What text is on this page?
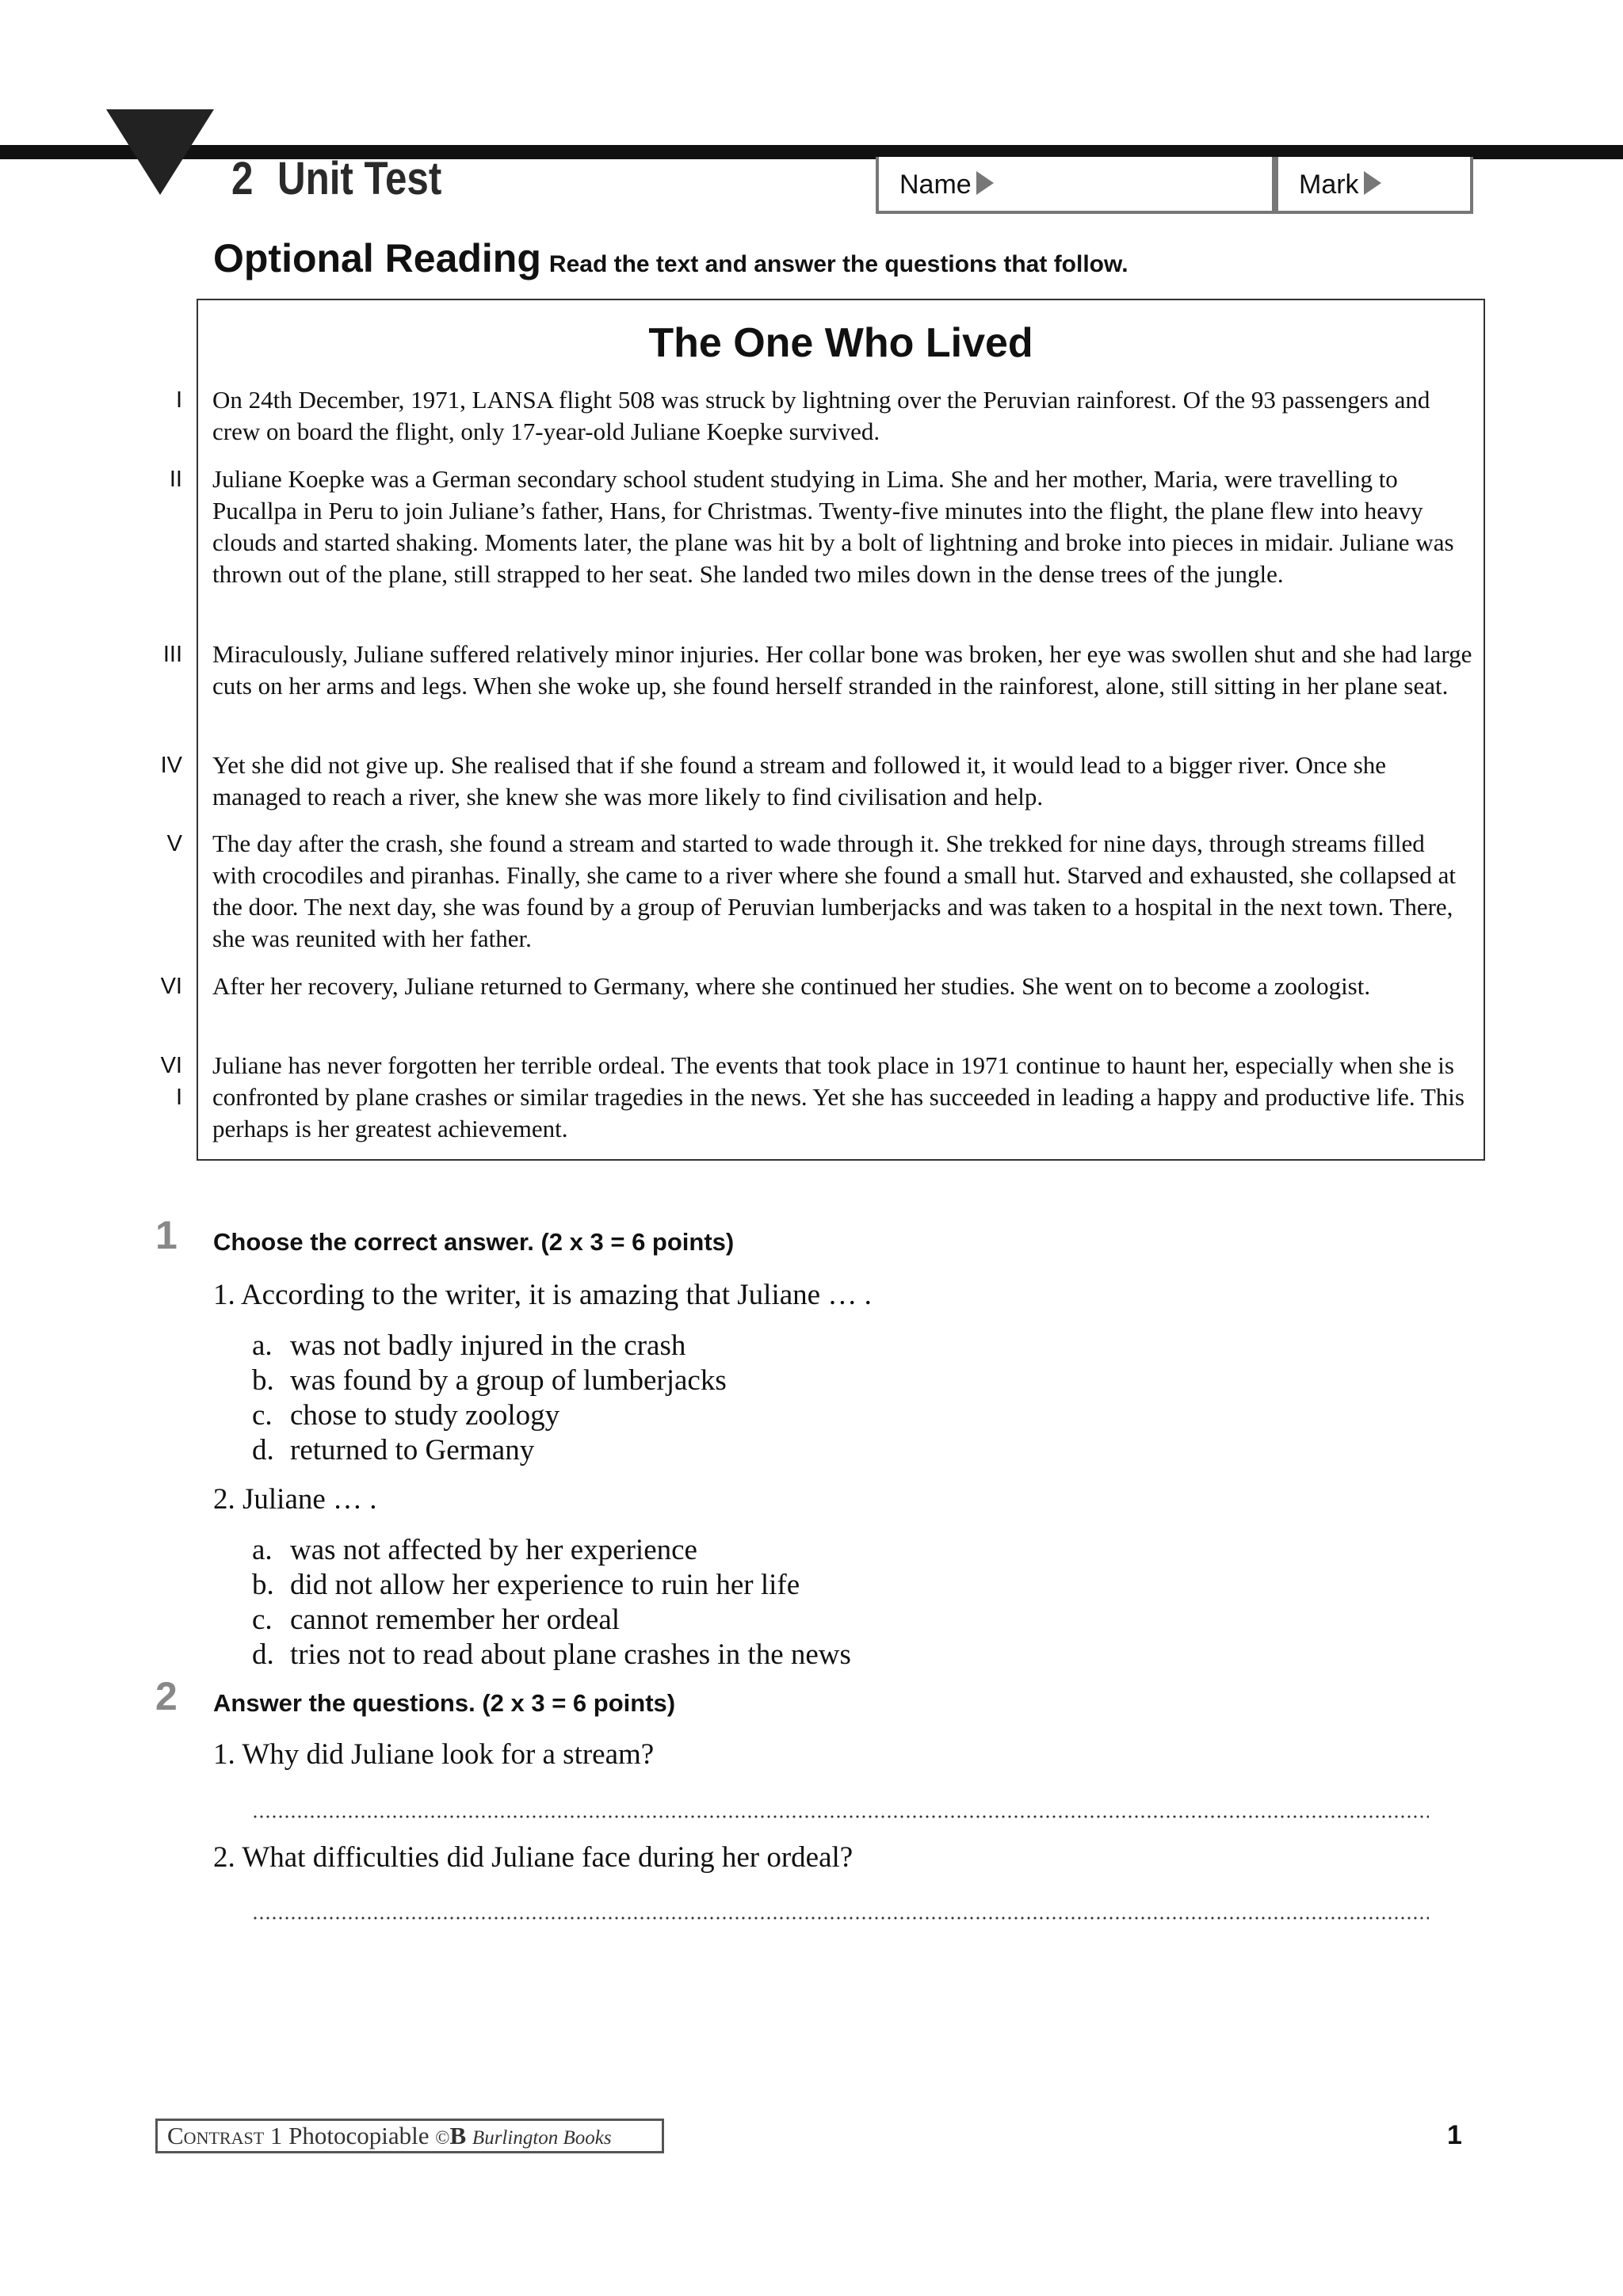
2 Unit Test	Name	Mark
Optional Reading Read the text and answer the questions that follow.
I
II
III
IV
V
VI
VI
I
The One Who Lived
On 24th December, 1971, LANSA flight 508 was struck by lightning over the Peruvian rainforest. Of the 93 passengers and crew on board the flight, only 17-year-old Juliane Koepke survived.
Juliane Koepke was a German secondary school student studying in Lima. She and her mother, Maria, were travelling to Pucallpa in Peru to join Juliane’s father, Hans, for Christmas. Twenty-five minutes into the flight, the plane flew into heavy clouds and started shaking. Moments later, the plane was hit by a bolt of lightning and broke into pieces in midair. Juliane was thrown out of the plane, still strapped to her seat. She landed two miles down in the dense trees of the jungle.
Miraculously, Juliane suffered relatively minor injuries. Her collar bone was broken, her eye was swollen shut and she had large cuts on her arms and legs. When she woke up, she found herself stranded in the rainforest, alone, still sitting in her plane seat.
Yet she did not give up. She realised that if she found a stream and followed it, it would lead to a bigger river. Once she managed to reach a river, she knew she was more likely to find civilisation and help.
The day after the crash, she found a stream and started to wade through it. She trekked for nine days, through streams filled with crocodiles and piranhas. Finally, she came to a river where she found a small hut. Starved and exhausted, she collapsed at the door. The next day, she was found by a group of Peruvian lumberjacks and was taken to a hospital in the next town. There, she was reunited with her father.
After her recovery, Juliane returned to Germany, where she continued her studies. She went on to become a zoologist.
Juliane has never forgotten her terrible ordeal. The events that took place in 1971 continue to haunt her, especially when she is confronted by plane crashes or similar tragedies in the news. Yet she has succeeded in leading a happy and productive life. This perhaps is her greatest achievement.
1 Choose the correct answer. (2 x 3 = 6 points)
1. According to the writer, it is amazing that Juliane … .
a. was not badly injured in the crash
b. was found by a group of lumberjacks
c. chose to study zoology
d. returned to Germany
2. Juliane … .
a. was not affected by her experience
b. did not allow her experience to ruin her life
c. cannot remember her ordeal
d. tries not to read about plane crashes in the news
2 Answer the questions. (2 x 3 = 6 points)
1. Why did Juliane look for a stream?
2. What difficulties did Juliane face during her ordeal?
Contrast 1 Photocopiable ©B Burlington Books	1
